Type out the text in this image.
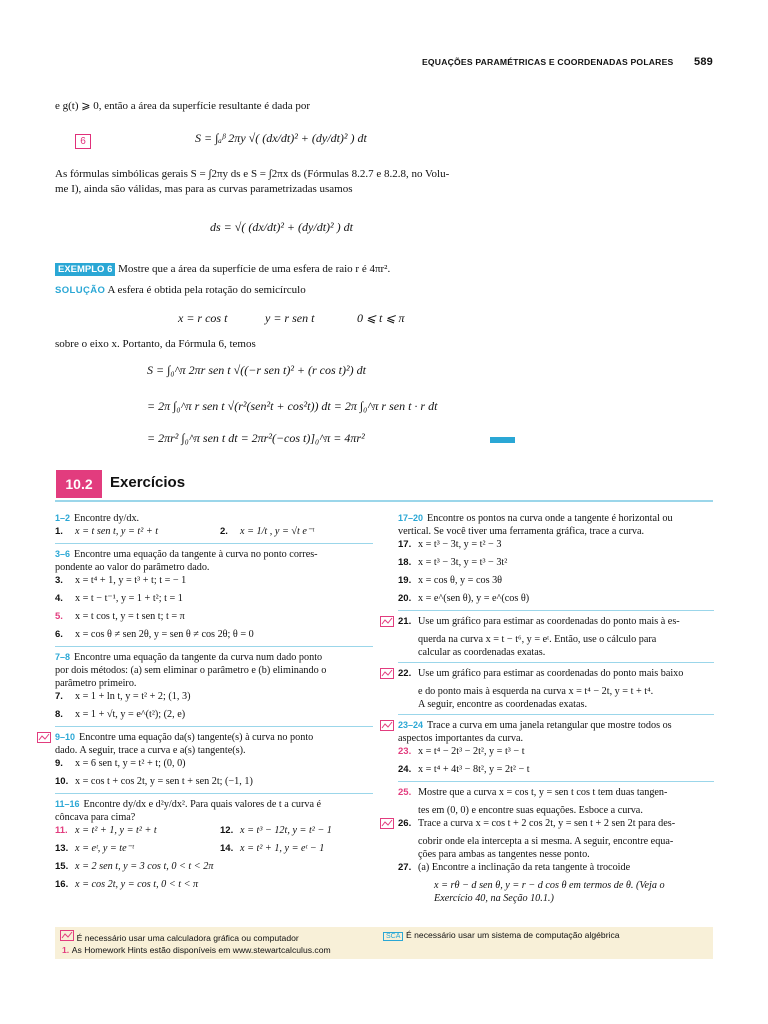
EQUAÇÕES PARAMÉTRICAS E COORDENADAS POLARES 589
e g(t) ⩾ 0, então a área da superfície resultante é dada por
6	S = ∫ₐᵝ 2πy √( (dx/dt)² + (dy/dt)² ) dt
As fórmulas simbólicas gerais S = ∫2πy ds e S = ∫2πx ds (Fórmulas 8.2.7 e 8.2.8, no Volu-
me I), ainda são válidas, mas para as curvas parametrizadas usamos
ds = √( (dx/dt)² + (dy/dt)² ) dt
EXEMPLO 6 Mostre que a área da superfície de uma esfera de raio r é 4πr².
SOLUÇÃO A esfera é obtida pela rotação do semicírculo
x = r cos t	y = r sen t	0 ⩽ t ⩽ π
sobre o eixo x. Portanto, da Fórmula 6, temos
S = ∫₀^π 2πr sen t √((−r sen t)² + (r cos t)²) dt
= 2π ∫₀^π r sen t √(r²(sen²t + cos²t)) dt = 2π ∫₀^π r sen t · r dt
= 2πr² ∫₀^π sen t dt = 2πr²(−cos t)]₀^π = 4πr²
10.2	Exercícios
1–2 Encontre dy/dx.
1. x = t sen t, y = t² + t	2. x = 1/t , y = √t e⁻ᵗ
3–6 Encontre uma equação da tangente à curva no ponto corres-
pondente ao valor do parâmetro dado.
3. x = t⁴ + 1, y = t³ + t; t = − 1
4. x = t − t⁻¹, y = 1 + t²; t = 1
5. x = t cos t, y = t sen t; t = π
6. x = cos θ ≠ sen 2θ, y = sen θ ≠ cos 2θ; θ = 0
7–8 Encontre uma equação da tangente da curva num dado ponto
por dois métodos: (a) sem eliminar o parâmetro e (b) eliminando o
parâmetro primeiro.
7. x = 1 + ln t, y = t² + 2; (1, 3)
8. x = 1 + √t, y = e^(t²); (2, e)
9–10 Encontre uma equação da(s) tangente(s) à curva no ponto
dado. A seguir, trace a curva e a(s) tangente(s).
9. x = 6 sen t, y = t² + t; (0, 0)
10. x = cos t + cos 2t, y = sen t + sen 2t; (−1, 1)
11–16 Encontre dy/dx e d²y/dx². Para quais valores de t a curva é
côncava para cima?
11. x = t² + 1, y = t² + t	12. x = t³ − 12t, y = t² − 1
13. x = eᵗ, y = te⁻ᵗ	14. x = t² + 1, y = eᵗ − 1
15. x = 2 sen t, y = 3 cos t, 0 < t < 2π
16. x = cos 2t, y = cos t, 0 < t < π
17–20 Encontre os pontos na curva onde a tangente é horizontal ou
vertical. Se você tiver uma ferramenta gráfica, trace a curva.
17. x = t³ − 3t, y = t² − 3
18. x = t³ − 3t, y = t³ − 3t²
19. x = cos θ, y = cos 3θ
20. x = e^(sen θ), y = e^(cos θ)
21. Use um gráfico para estimar as coordenadas do ponto mais à es-
querda na curva x = t − t⁶, y = eᵗ. Então, use o cálculo para
calcular as coordenadas exatas.
22. Use um gráfico para estimar as coordenadas do ponto mais baixo
e do ponto mais à esquerda na curva x = t⁴ − 2t, y = t + t⁴.
A seguir, encontre as coordenadas exatas.
23–24 Trace a curva em uma janela retangular que mostre todos os
aspectos importantes da curva.
23. x = t⁴ − 2t³ − 2t², y = t³ − t
24. x = t⁴ + 4t³ − 8t², y = 2t² − t
25. Mostre que a curva x = cos t, y = sen t cos t tem duas tangen-
tes em (0, 0) e encontre suas equações. Esboce a curva.
26. Trace a curva x = cos t + 2 cos 2t, y = sen t + 2 sen 2t para des-
cobrir onde ela intercepta a si mesma. A seguir, encontre equa-
ções para ambas as tangentes nesse ponto.
27. (a) Encontre a inclinação da reta tangente à trocoide
x = rθ − d sen θ, y = r − d cos θ em termos de θ. (Veja o
Exercício 40, na Seção 10.1.)
É necessário usar uma calculadora gráfica ou computador	SCA É necessário usar um sistema de computação algébrica
1. As Homework Hints estão disponíveis em www.stewartcalculus.com
